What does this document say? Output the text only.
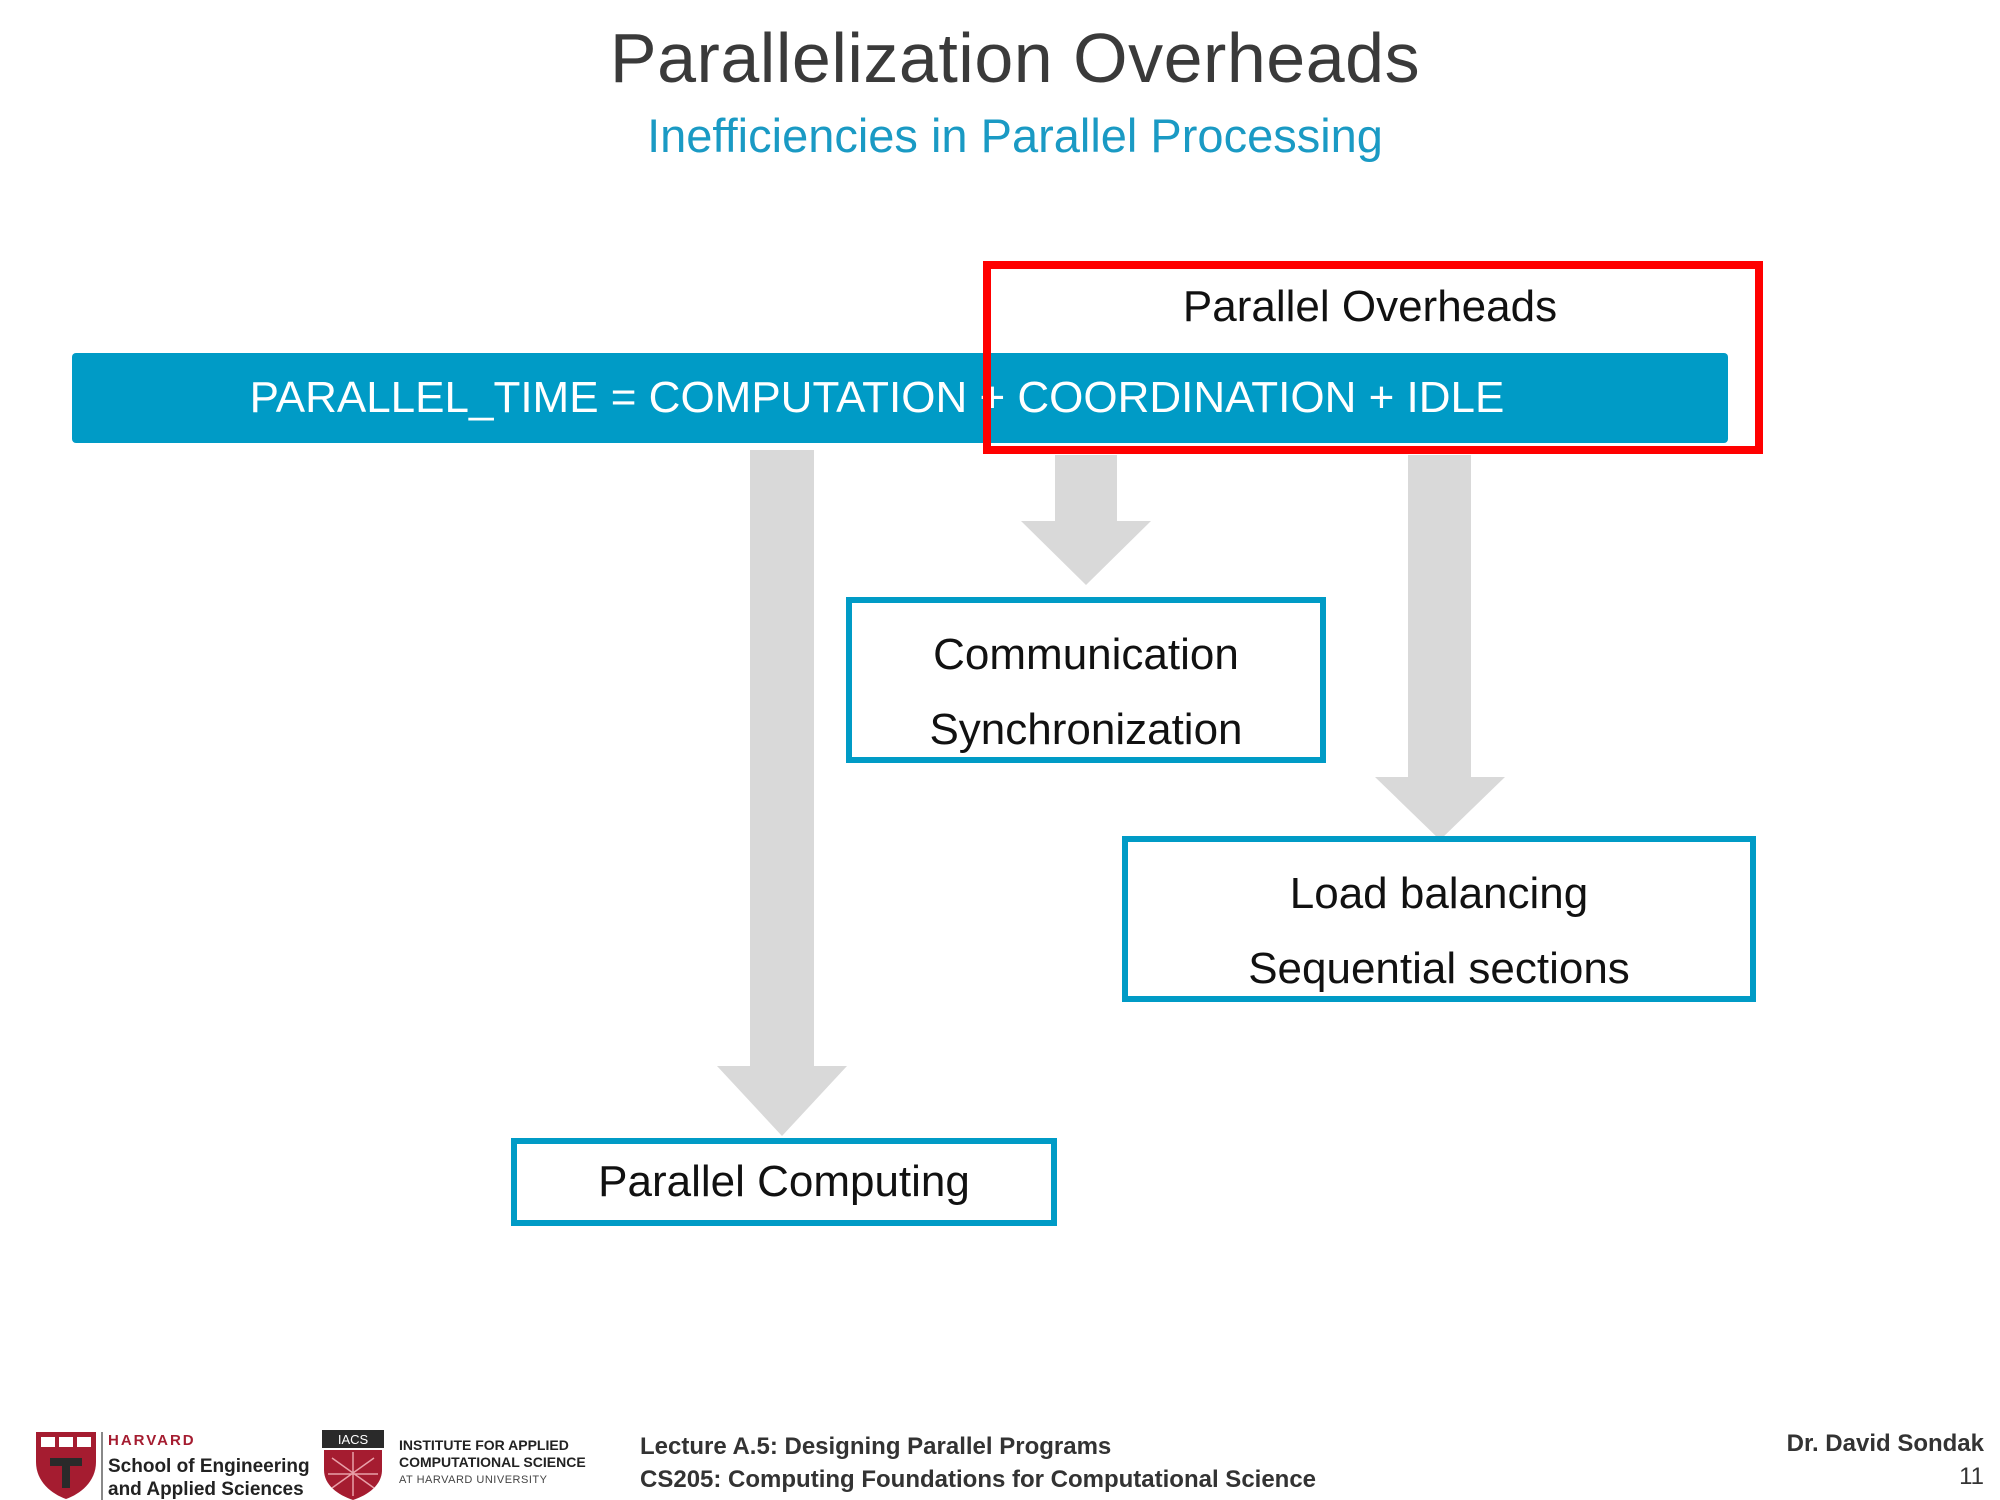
Parallelization Overheads
Inefficiencies in Parallel Processing
PARALLEL_TIME = COMPUTATION + COORDINATION + IDLE
Parallel Overheads
Communication
Synchronization
Load balancing
Sequential sections
Parallel Computing
HARVARD
School of Engineering
and Applied Sciences
IACS INSTITUTE FOR APPLIED
COMPUTATIONAL SCIENCE
AT HARVARD UNIVERSITY
Lecture A.5: Designing Parallel Programs
CS205: Computing Foundations for Computational Science
Dr. David Sondak
11
